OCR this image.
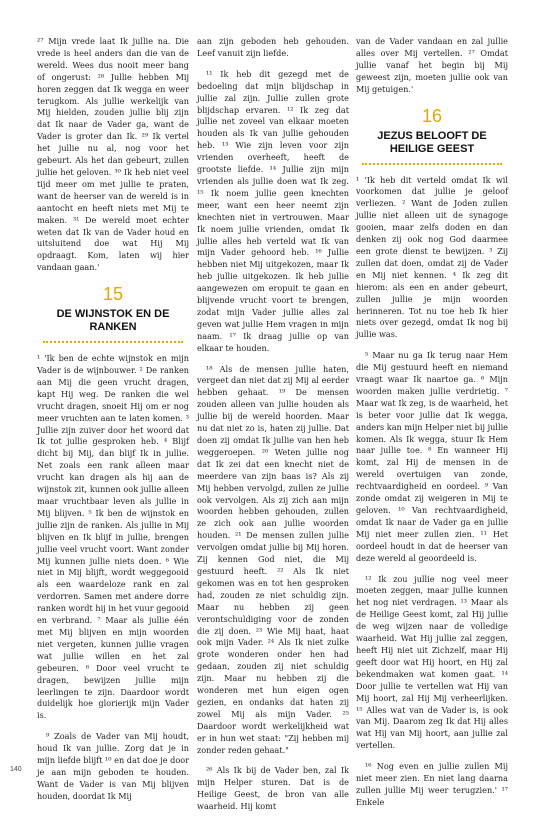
²⁷ Mijn vrede laat Ik jullie na. Die vrede is heel anders dan die van de wereld. Wees dus nooit meer bang of ongerust: ²⁸ Jullie hebben Mij horen zeggen dat Ik wegga en weer terugkom. Als jullie werkelijk van Mij hielden, zouden jullie blij zijn dat Ik naar de Vader ga, want de Vader is groter dan Ik. ²⁹ Ik vertel het jullie nu al, nog voor het gebeurt. Als het dan gebeurt, zullen jullie het geloven. ³⁰ Ik heb niet veel tijd meer om met jullie te praten, want de heerser van de wereld is in aantocht en heeft niets met Mij te maken. ³¹ De wereld moet echter weten dat Ik van de Vader houd en uitsluitend doe wat Hij Mij opdraagt. Kom, laten wij hier vandaan gaan.'

15
DE WIJNSTOK EN DE RANKEN

¹ 'Ik ben de echte wijnstok en mijn Vader is de wijnbouwer. ² De ranken aan Mij die geen vrucht dragen, kapt Hij weg. De ranken die wel vrucht dragen, snoeit Hij om er nog meer vruchten aan te laten komen. ³ Jullie zijn zuiver door het woord dat Ik tot jullie gesproken heb. ⁴ Blijf dicht bij Mij, dan blijf Ik in jullie. Net zoals een rank alleen maar vrucht kan dragen als hij aan de wijnstok zit, kunnen ook jullie alleen maar vruchtbaar leven als jullie in Mij blijven. ⁵ Ik ben de wijnstok en jullie zijn de ranken. Als jullie in Mij blijven en Ik blijf in jullie, brengen jullie veel vrucht voort. Want zonder Mij kunnen jullie niets doen. ⁶ Wie niet in Mij blijft, wordt weggegooid als een waardeloze rank en zal verdorren. Samen met andere dorre ranken wordt hij in het vuur gegooid en verbrand. ⁷ Maar als jullie één met Mij blijven en mijn woorden niet vergeten, kunnen jullie vragen wat jullie willen en het zal gebeuren. ⁸ Door veel vrucht te dragen, bewijzen jullie mijn leerlingen te zijn. Daardoor wordt duidelijk hoe glorierijk mijn Vader is.

⁹ Zoals de Vader van Mij houdt, houd Ik van jullie. Zorg dat je in mijn liefde blijft ¹⁰ en dat doe je door je aan mijn geboden te houden. Want de Vader is van Mij blijven houden, doordat Ik Mij

aan zijn geboden heb gehouden. Leef vanuit zijn liefde.

¹¹ Ik heb dit gezegd met de bedoeling dat mijn blijdschap in jullie zal zijn. Jullie zullen grote blijdschap ervaren. ¹² Ik zeg dat jullie net zoveel van elkaar moeten houden als Ik van jullie gehouden heb. ¹³ Wie zijn leven voor zijn vrienden overheeft, heeft de grootste liefde. ¹⁴ Jullie zijn mijn vrienden als jullie doen wat Ik zeg. ¹⁵ Ik noem jullie geen knechten meer, want een heer neemt zijn knechten niet in vertrouwen. Maar Ik noem jullie vrienden, omdat Ik jullie alles heb verteld wat Ik van mijn Vader gehoord heb. ¹⁶ Jullie hebben niet Mij uitgekozen, maar Ik heb jullie uitgekozen. Ik heb jullie aangewezen om eropuit te gaan en blijvende vrucht voort te brengen, zodat mijn Vader jullie alles zal geven wat jullie Hem vragen in mijn naam. ¹⁷ Ik draag jullie op van elkaar te houden.

¹⁸ Als de mensen jullie haten, vergeet dan niet dat zij Mij al eerder hebben gehaat. ¹⁹ De mensen zouden alleen van jullie houden als jullie bij de wereld hoorden. Maar nu dat niet zo is, haten zij jullie. Dat doen zij omdat Ik jullie van hen heb weggeroepen. ²⁰ Weten jullie nog dat Ik zei dat een knecht niet de meerdere van zijn baas is? Als zij Mij hebben vervolgd, zullen ze jullie ook vervolgen. Als zij zich aan mijn woorden hebben gehouden, zullen ze zich ook aan jullie woorden houden. ²¹ De mensen zullen jullie vervolgen omdat jullie bij Mij horen. Zij kennen God niet, die Mij gestuurd heeft. ²² Als Ik niet gekomen was en tot hen gesproken had, zouden ze niet schuldig zijn. Maar nu hebben zij geen verontschuldiging voor de zonden die zij doen. ²³ Wie Mij haat, haat ook mijn Vader. ²⁴ Als Ik niet zulke grote wonderen onder hen had gedaan, zouden zij niet schuldig zijn. Maar nu hebben zij die wonderen met hun eigen ogen gezien, en ondanks dat haten zij zowel Mij als mijn Vader. ²⁵ Daardoor wordt werkelijkheid wat er in hun wet staat: "Zij hebben mij zonder reden gehaat."

²⁶ Als Ik bij de Vader ben, zal Ik mijn Helper sturen. Dat is de Heilige Geest, de bron van alle waarheid. Hij komt

van de Vader vandaan en zal jullie alles over Mij vertellen. ²⁷ Omdat jullie vanaf het begin bij Mij geweest zijn, moeten jullie ook van Mij getuigen.'

16
JEZUS BELOOFT DE HEILIGE GEEST

¹ 'Ik heb dit verteld omdat Ik wil voorkomen dat jullie je geloof verliezen. ² Want de Joden zullen jullie niet alleen uit de synagoge gooien, maar zelfs doden en dan denken zij ook nog God daarmee een grote dienst te bewijzen. ³ Zij zullen dat doen, omdat zij de Vader en Mij niet kennen. ⁴ Ik zeg dit hierom: als een en ander gebeurt, zullen jullie je mijn woorden herinneren. Tot nu toe heb Ik hier niets over gezegd, omdat Ik nog bij jullie was.

⁵ Maar nu ga Ik terug naar Hem die Mij gestuurd heeft en niemand vraagt waar Ik naartoe ga. ⁶ Mijn woorden maken jullie verdrietig. ⁷ Maar wat Ik zeg, is de waarheid, het is beter voor jullie dat Ik wegga, anders kan mijn Helper niet bij jullie komen. Als Ik wegga, stuur Ik Hem naar jullie toe. ⁸ En wanneer Hij komt, zal Hij de mensen in de wereld overtuigen van zonde, rechtvaardigheid en oordeel. ⁹ Van zonde omdat zij weigeren in Mij te geloven. ¹⁰ Van rechtvaardigheid, omdat Ik naar de Vader ga en jullie Mij niet meer zullen zien. ¹¹ Het oordeel houdt in dat de heerser van deze wereld al geoordeeld is.

¹² Ik zou jullie nog veel meer moeten zeggen, maar jullie kunnen het nog niet verdragen. ¹³ Maar als de Heilige Geest komt, zal Hij jullie de weg wijzen naar de volledige waarheid. Wat Hij jullie zal zeggen, heeft Hij niet uit Zichzelf, maar Hij geeft door wat Hij hoort, en Hij zal bekendmaken wat komen gaat. ¹⁴ Door jullie te vertellen wat Hij van Mij hoort, zal Hij Mij verheerlijken. ¹⁵ Alles wat van de Vader is, is ook van Mij. Daarom zeg Ik dat Hij alles wat Hij van Mij hoort, aan jullie zal vertellen.

¹⁶ Nog even en jullie zullen Mij niet meer zien. En niet lang daarna zullen jullie Mij weer terugzien.' ¹⁷ Enkele

140
